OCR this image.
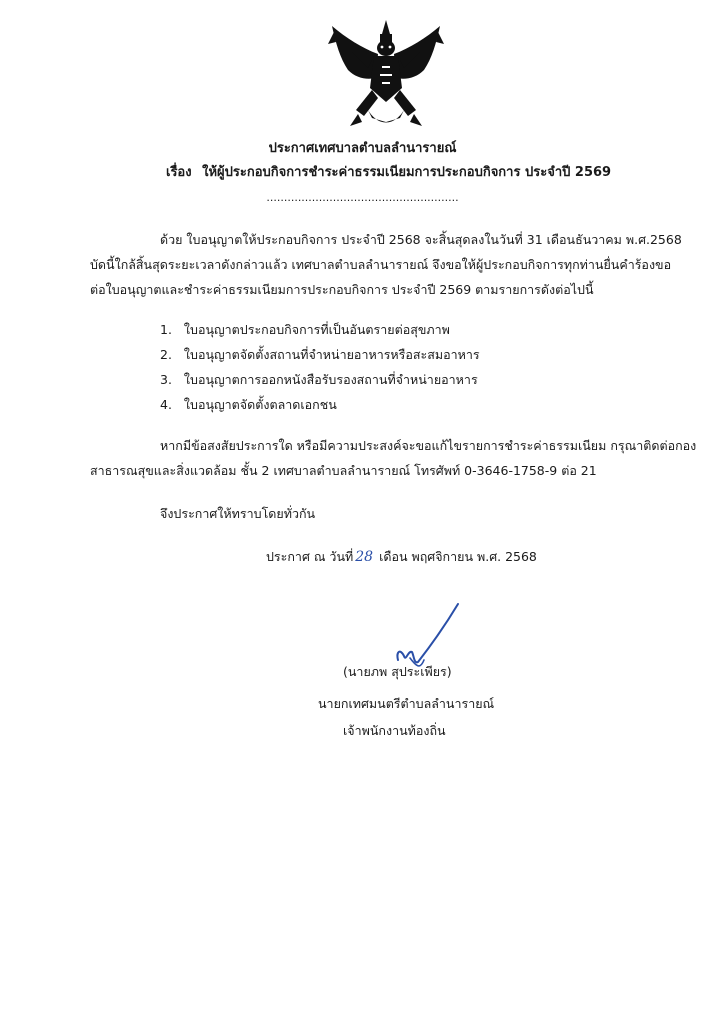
ประกาศเทศบาลตำบลลำนารายณ์
เรื่อง ให้ผู้ประกอบกิจการชำระค่าธรรมเนียมการประกอบกิจการ ประจำปี 2569
.......................................................
ด้วย ใบอนุญาตให้ประกอบกิจการ ประจำปี 2568 จะสิ้นสุดลงในวันที่ 31 เดือนธันวาคม พ.ศ.2568
บัดนี้ใกล้สิ้นสุดระยะเวลาดังกล่าวแล้ว เทศบาลตำบลลำนารายณ์ จึงขอให้ผู้ประกอบกิจการทุกท่านยื่นคำร้องขอ
ต่อใบอนุญาตและชำระค่าธรรมเนียมการประกอบกิจการ ประจำปี 2569 ตามรายการดังต่อไปนี้
1. ใบอนุญาตประกอบกิจการที่เป็นอันตรายต่อสุขภาพ
2. ใบอนุญาตจัดตั้งสถานที่จำหน่ายอาหารหรือสะสมอาหาร
3. ใบอนุญาตการออกหนังสือรับรองสถานที่จำหน่ายอาหาร
4. ใบอนุญาตจัดตั้งตลาดเอกชน
หากมีข้อสงสัยประการใด หรือมีความประสงค์จะขอแก้ไขรายการชำระค่าธรรมเนียม กรุณาติดต่อกอง
สาธารณสุขและสิ่งแวดล้อม ชั้น 2 เทศบาลตำบลลำนารายณ์ โทรศัพท์ 0-3646-1758-9 ต่อ 21
จึงประกาศให้ทราบโดยทั่วกัน
ประกาศ ณ วันที่ 28 เดือน พฤศจิกายน พ.ศ. 2568
(นายภพ สุประเพียร)
นายกเทศมนตรีตำบลลำนารายณ์
เจ้าพนักงานท้องถิ่น
